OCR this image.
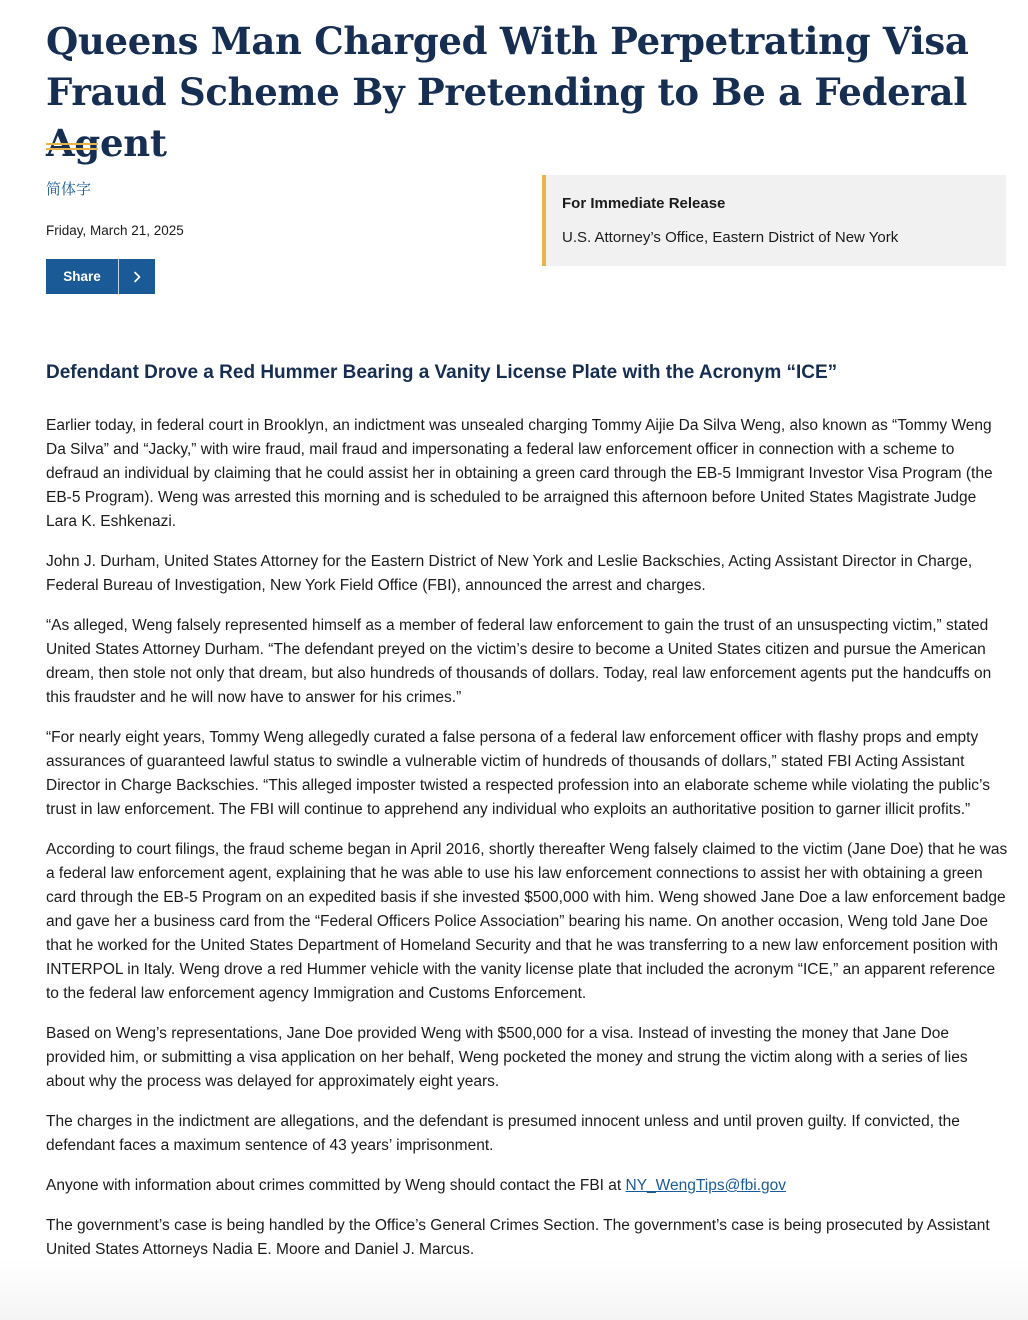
Queens Man Charged With Perpetrating Visa Fraud Scheme By Pretending to Be a Federal Agent
简体字
Friday, March 21, 2025
Share
For Immediate Release
U.S. Attorney’s Office, Eastern District of New York
Defendant Drove a Red Hummer Bearing a Vanity License Plate with the Acronym “ICE”

Earlier today, in federal court in Brooklyn, an indictment was unsealed charging Tommy Aijie Da Silva Weng, also known as “Tommy Weng Da Silva” and “Jacky,” with wire fraud, mail fraud and impersonating a federal law enforcement officer in connection with a scheme to defraud an individual by claiming that he could assist her in obtaining a green card through the EB-5 Immigrant Investor Visa Program (the EB-5 Program). Weng was arrested this morning and is scheduled to be arraigned this afternoon before United States Magistrate Judge Lara K. Eshkenazi.

John J. Durham, United States Attorney for the Eastern District of New York and Leslie Backschies, Acting Assistant Director in Charge, Federal Bureau of Investigation, New York Field Office (FBI), announced the arrest and charges.

“As alleged, Weng falsely represented himself as a member of federal law enforcement to gain the trust of an unsuspecting victim,” stated United States Attorney Durham. “The defendant preyed on the victim’s desire to become a United States citizen and pursue the American dream, then stole not only that dream, but also hundreds of thousands of dollars. Today, real law enforcement agents put the handcuffs on this fraudster and he will now have to answer for his crimes.”

“For nearly eight years, Tommy Weng allegedly curated a false persona of a federal law enforcement officer with flashy props and empty assurances of guaranteed lawful status to swindle a vulnerable victim of hundreds of thousands of dollars,” stated FBI Acting Assistant Director in Charge Backschies. “This alleged imposter twisted a respected profession into an elaborate scheme while violating the public’s trust in law enforcement. The FBI will continue to apprehend any individual who exploits an authoritative position to garner illicit profits.”

According to court filings, the fraud scheme began in April 2016, shortly thereafter Weng falsely claimed to the victim (Jane Doe) that he was a federal law enforcement agent, explaining that he was able to use his law enforcement connections to assist her with obtaining a green card through the EB-5 Program on an expedited basis if she invested $500,000 with him. Weng showed Jane Doe a law enforcement badge and gave her a business card from the “Federal Officers Police Association” bearing his name. On another occasion, Weng told Jane Doe that he worked for the United States Department of Homeland Security and that he was transferring to a new law enforcement position with INTERPOL in Italy. Weng drove a red Hummer vehicle with the vanity license plate that included the acronym “ICE,” an apparent reference to the federal law enforcement agency Immigration and Customs Enforcement.

Based on Weng’s representations, Jane Doe provided Weng with $500,000 for a visa. Instead of investing the money that Jane Doe provided him, or submitting a visa application on her behalf, Weng pocketed the money and strung the victim along with a series of lies about why the process was delayed for approximately eight years.

The charges in the indictment are allegations, and the defendant is presumed innocent unless and until proven guilty. If convicted, the defendant faces a maximum sentence of 43 years’ imprisonment.

Anyone with information about crimes committed by Weng should contact the FBI at NY_WengTips@fbi.gov

The government’s case is being handled by the Office’s General Crimes Section. The government’s case is being prosecuted by Assistant United States Attorneys Nadia E. Moore and Daniel J. Marcus.
